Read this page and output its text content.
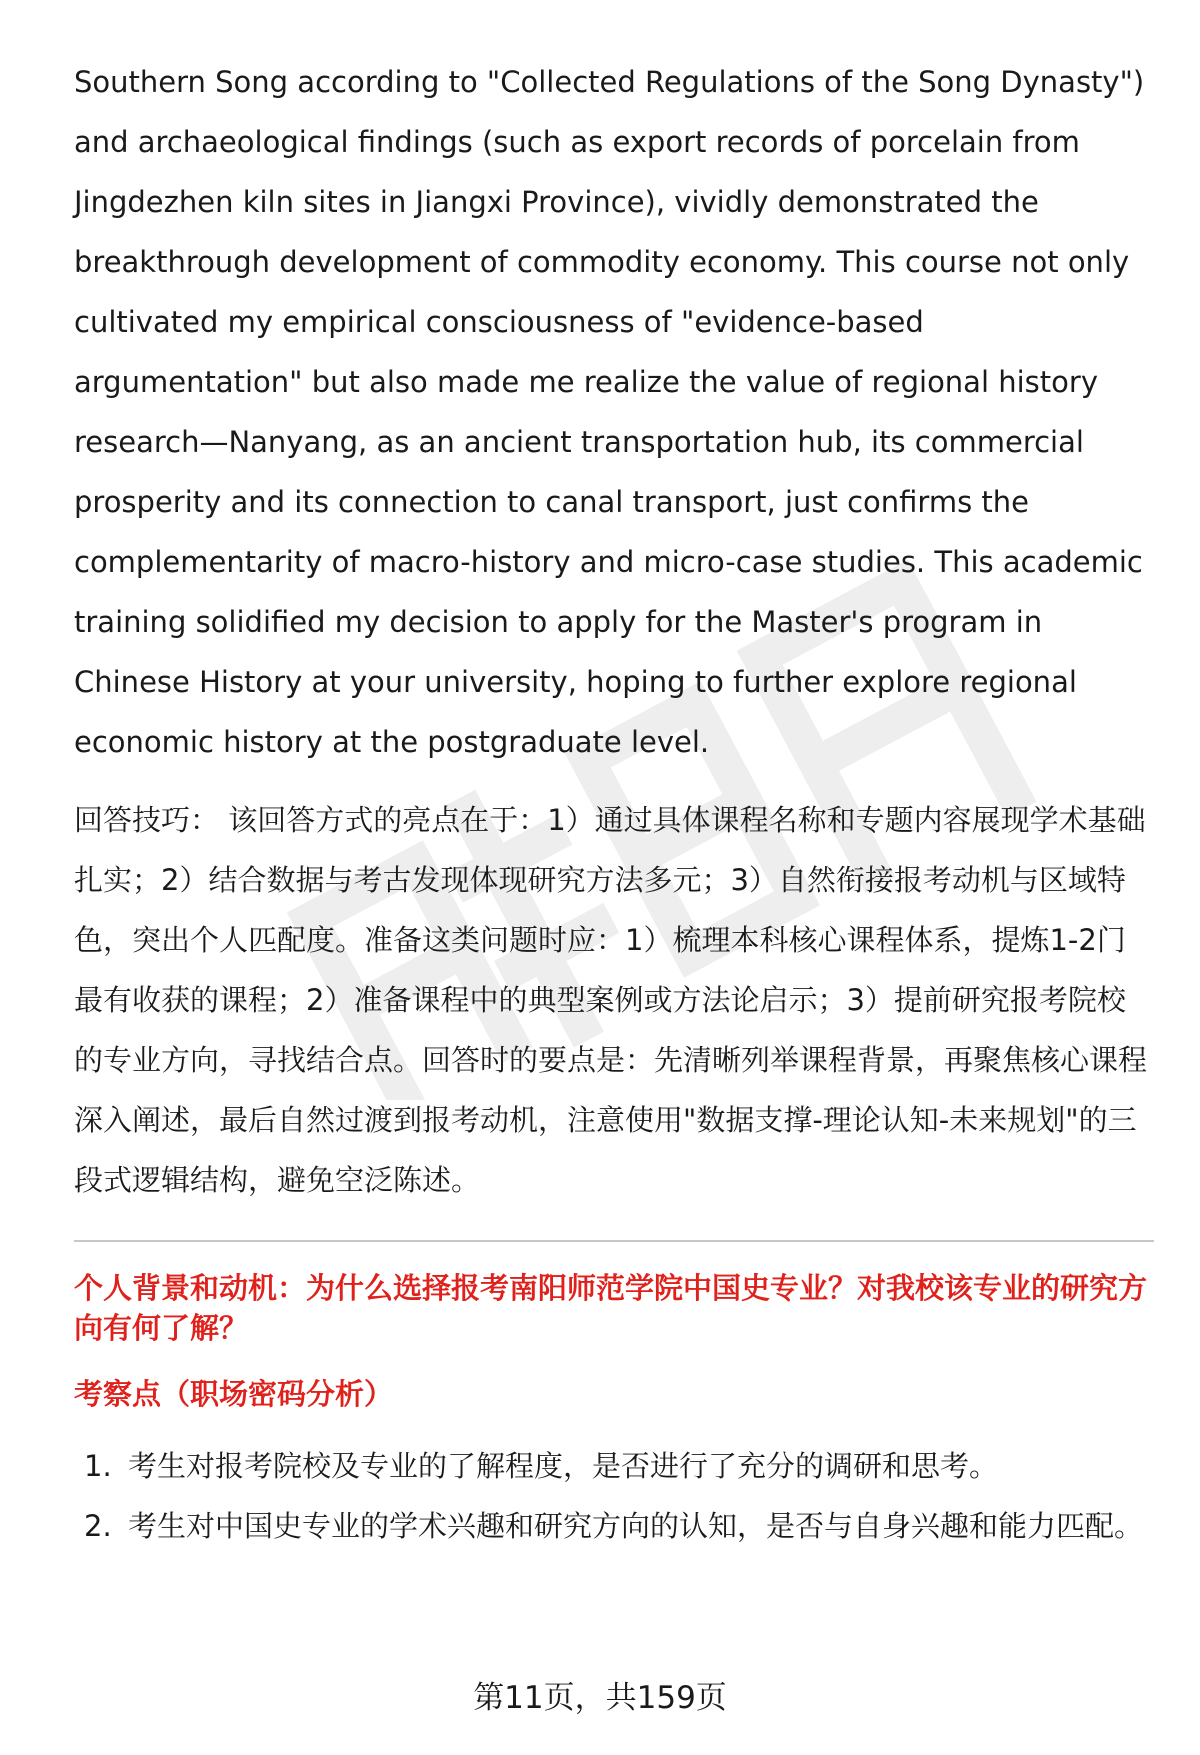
Southern Song according to "Collected Regulations of the Song Dynasty") and archaeological findings (such as export records of porcelain from Jingdezhen kiln sites in Jiangxi Province), vividly demonstrated the breakthrough development of commodity economy. This course not only cultivated my empirical consciousness of "evidence-based argumentation" but also made me realize the value of regional history research—Nanyang, as an ancient transportation hub, its commercial prosperity and its connection to canal transport, just confirms the complementarity of macro-history and micro-case studies. This academic training solidified my decision to apply for the Master's program in Chinese History at your university, hoping to further explore regional economic history at the postgraduate level.

回答技巧： 该回答方式的亮点在于：1）通过具体课程名称和专题内容展现学术基础扎实；2）结合数据与考古发现体现研究方法多元；3）自然衔接报考动机与区域特色，突出个人匹配度。准备这类问题时应：1）梳理本科核心课程体系，提炼1-2门最有收获的课程；2）准备课程中的典型案例或方法论启示；3）提前研究报考院校的专业方向，寻找结合点。回答时的要点是：先清晰列举课程背景，再聚焦核心课程深入阐述，最后自然过渡到报考动机，注意使用"数据支撑-理论认知-未来规划"的三段式逻辑结构，避免空泛陈述。

个人背景和动机：为什么选择报考南阳师范学院中国史专业？对我校该专业的研究方向有何了解？
考察点（职场密码分析）
1. 考生对报考院校及专业的了解程度，是否进行了充分的调研和思考。
2. 考生对中国史专业的学术兴趣和研究方向的认知，是否与自身兴趣和能力匹配。
第11页，共159页
